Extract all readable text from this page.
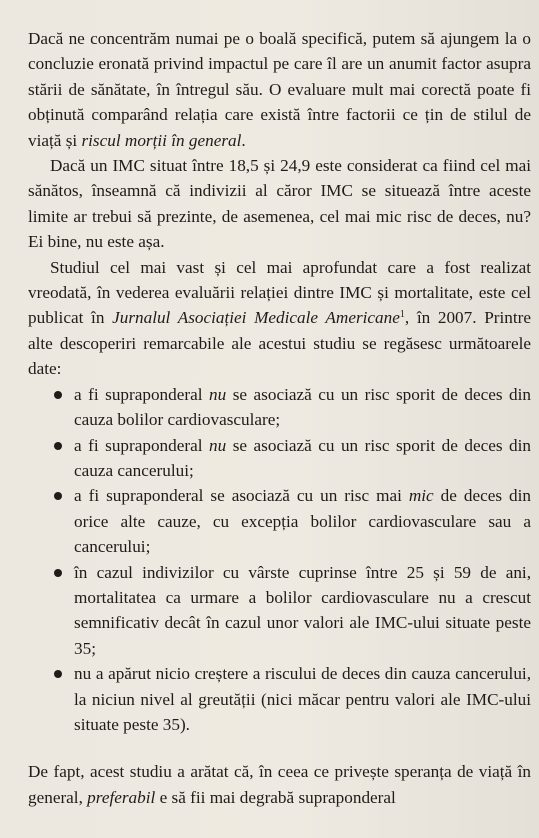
Dacă ne concentrăm numai pe o boală specifică, putem să ajungem la o concluzie eronată privind impactul pe care îl are un anumit factor asupra stării de sănătate, în întregul său. O evaluare mult mai corectă poate fi obținută comparând relația care există între factorii ce țin de stilul de viață și riscul morții în general.

Dacă un IMC situat între 18,5 și 24,9 este considerat ca fiind cel mai sănătos, înseamnă că indivizii al căror IMC se situează între aceste limite ar trebui să prezinte, de asemenea, cel mai mic risc de deces, nu? Ei bine, nu este așa.

Studiul cel mai vast și cel mai aprofundat care a fost realizat vreodată, în vederea evaluării relației dintre IMC și mortalitate, este cel publicat în Jurnalul Asociației Medicale Americane$^1$, în 2007. Printre alte descoperiri remarcabile ale acestui studiu se regăsesc următoarele date:

a fi supraponderal nu se asociază cu un risc sporit de deces din cauza bolilor cardiovasculare;
a fi supraponderal nu se asociază cu un risc sporit de deces din cauza cancerului;
a fi supraponderal se asociază cu un risc mai mic de deces din orice alte cauze, cu excepția bolilor cardiovasculare sau a cancerului;
în cazul indivizilor cu vârste cuprinse între 25 și 59 de ani, mortalitatea ca urmare a bolilor cardiovasculare nu a crescut semnificativ decât în cazul unor valori ale IMC-ului situate peste 35;
nu a apărut nicio creștere a riscului de deces din cauza cancerului, la niciun nivel al greutății (nici măcar pentru valori ale IMC-ului situate peste 35).

De fapt, acest studiu a arătat că, în ceea ce privește speranța de viață în general, preferabil e să fii mai degrabă supraponderal
